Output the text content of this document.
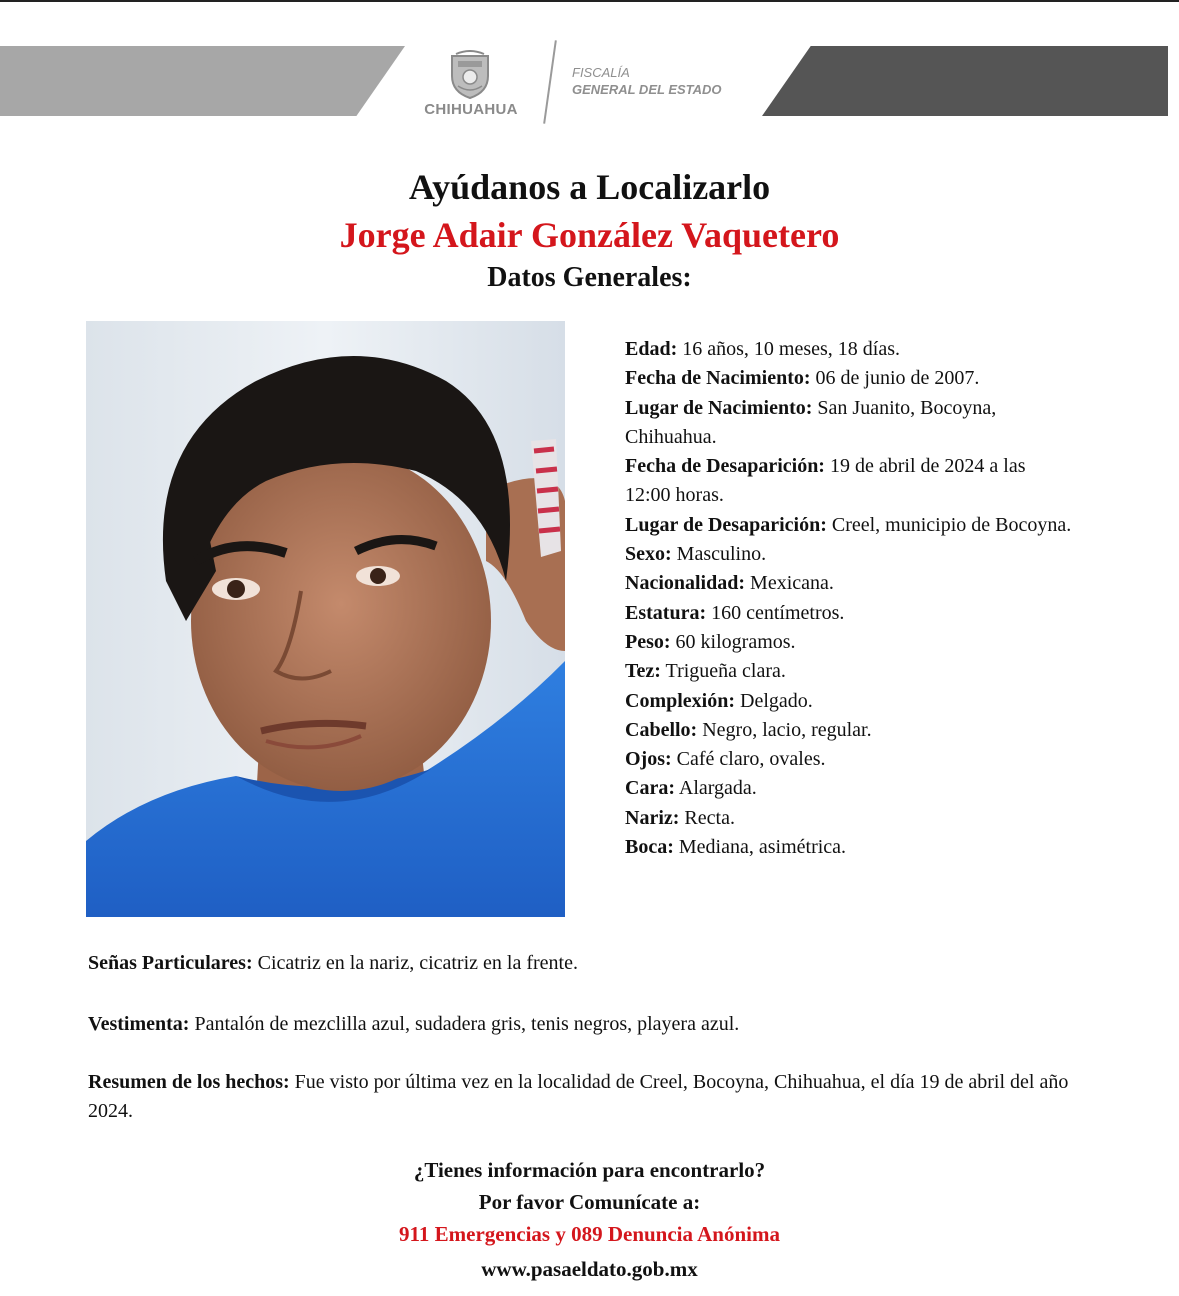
CHIHUAHUA
FISCALÍA
GENERAL DEL ESTADO
Ayúdanos a Localizarlo
Jorge Adair González Vaquetero
Datos Generales:

Edad: 16 años, 10 meses, 18 días.

Fecha de Nacimiento: 06 de junio de 2007.

Lugar de Nacimiento: San Juanito, Bocoyna, Chihuahua.

Fecha de Desaparición: 19 de abril de 2024 a las 12:00 horas.

Lugar de Desaparición: Creel, municipio de Bocoyna.

Sexo: Masculino.

Nacionalidad: Mexicana.

Estatura: 160 centímetros.

Peso: 60 kilogramos.

Tez: Trigueña clara.

Complexión: Delgado.

Cabello: Negro, lacio, regular.

Ojos: Café claro, ovales.

Cara: Alargada.

Nariz: Recta.

Boca: Mediana, asimétrica.

Señas Particulares: Cicatriz en la nariz, cicatriz en la frente.
Vestimenta: Pantalón de mezclilla azul, sudadera gris, tenis negros, playera azul.
Resumen de los hechos: Fue visto por última vez en la localidad de Creel, Bocoyna, Chihuahua, el día 19 de abril del año 2024.
¿Tienes información para encontrarlo?
Por favor Comunícate a:
911 Emergencias y 089 Denuncia Anónima
www.pasaeldato.gob.mx
